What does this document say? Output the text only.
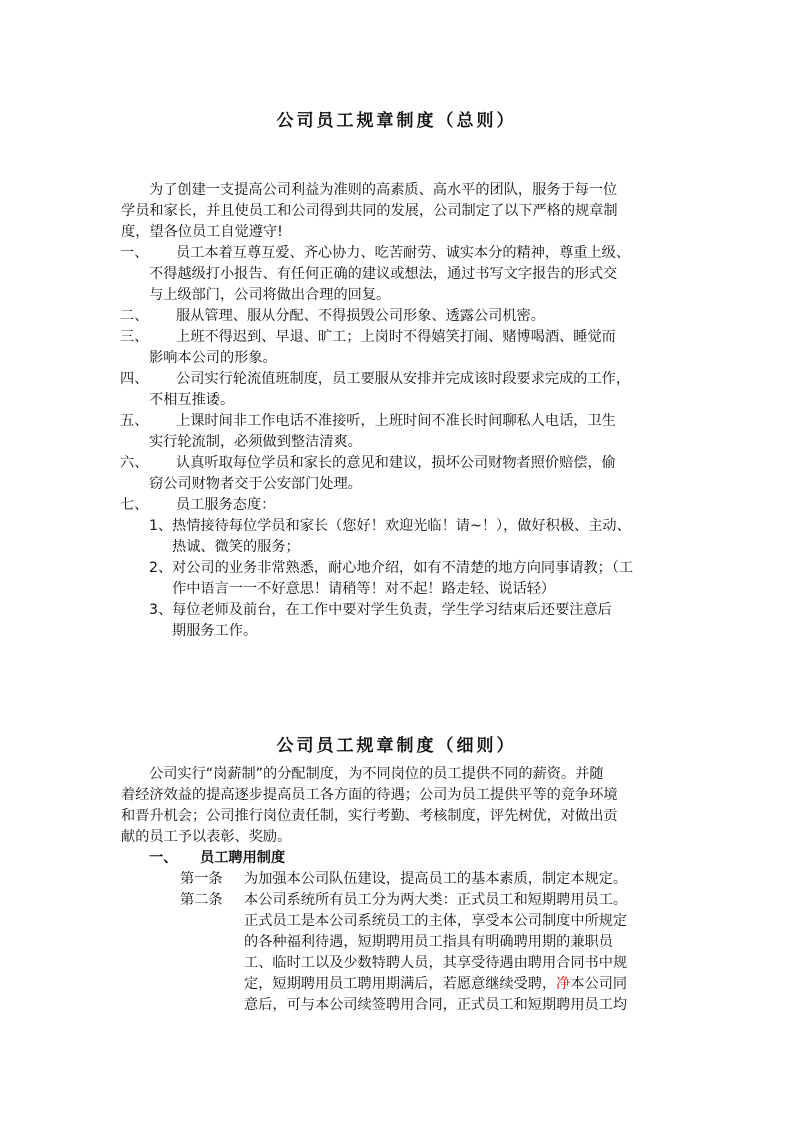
公司员工规章制度（总则）
为了创建一支提高公司利益为准则的高素质、高水平的团队，服务于每一位
学员和家长，并且使员工和公司得到共同的发展，公司制定了以下严格的规章制
度，望各位员工自觉遵守!
一、 员工本着互尊互爱、齐心协力、吃苦耐劳、诚实本分的精神，尊重上级、
不得越级打小报告、有任何正确的建议或想法，通过书写文字报告的形式交
与上级部门，公司将做出合理的回复。
二、 服从管理、服从分配、不得损毁公司形象、透露公司机密。
三、 上班不得迟到、早退、旷工；上岗时不得嬉笑打闹、赌博喝酒、睡觉而
影响本公司的形象。
四、 公司实行轮流值班制度，员工要服从安排并完成该时段要求完成的工作，
不相互推诿。
五、 上课时间非工作电话不准接听，上班时间不准长时间聊私人电话，卫生
实行轮流制，必须做到整洁清爽。
六、 认真听取每位学员和家长的意见和建议，损坏公司财物者照价赔偿，偷
窃公司财物者交于公安部门处理。
七、 员工服务态度：
1、 热情接待每位学员和家长（您好！欢迎光临！请~！），做好积极、主动、
热诚、微笑的服务；
2、 对公司的业务非常熟悉，耐心地介绍，如有不清楚的地方向同事请教；（工
作中语言一一不好意思！请稍等！对不起！路走轻、说话轻）
3、 每位老师及前台，在工作中要对学生负责，学生学习结束后还要注意后
期服务工作。
公司员工规章制度（细则）
公司实行“岗薪制”的分配制度，为不同岗位的员工提供不同的薪资。并随
着经济效益的提高逐步提高员工各方面的待遇；公司为员工提供平等的竞争环境
和晋升机会；公司推行岗位责任制，实行考勤、考核制度，评先树优，对做出贡
献的员工予以表彰、奖励。
一、 员工聘用制度
第一条 为加强本公司队伍建设，提高员工的基本素质，制定本规定。
第二条 本公司系统所有员工分为两大类：正式员工和短期聘用员工。
正式员工是本公司系统员工的主体，享受本公司制度中所规定
的各种福利待遇，短期聘用员工指具有明确聘用期的兼职员
工、临时工以及少数特聘人员，其享受待遇由聘用合同书中规
定，短期聘用员工聘用期满后，若愿意继续受聘，净本公司同
意后，可与本公司续签聘用合同，正式员工和短期聘用员工均
